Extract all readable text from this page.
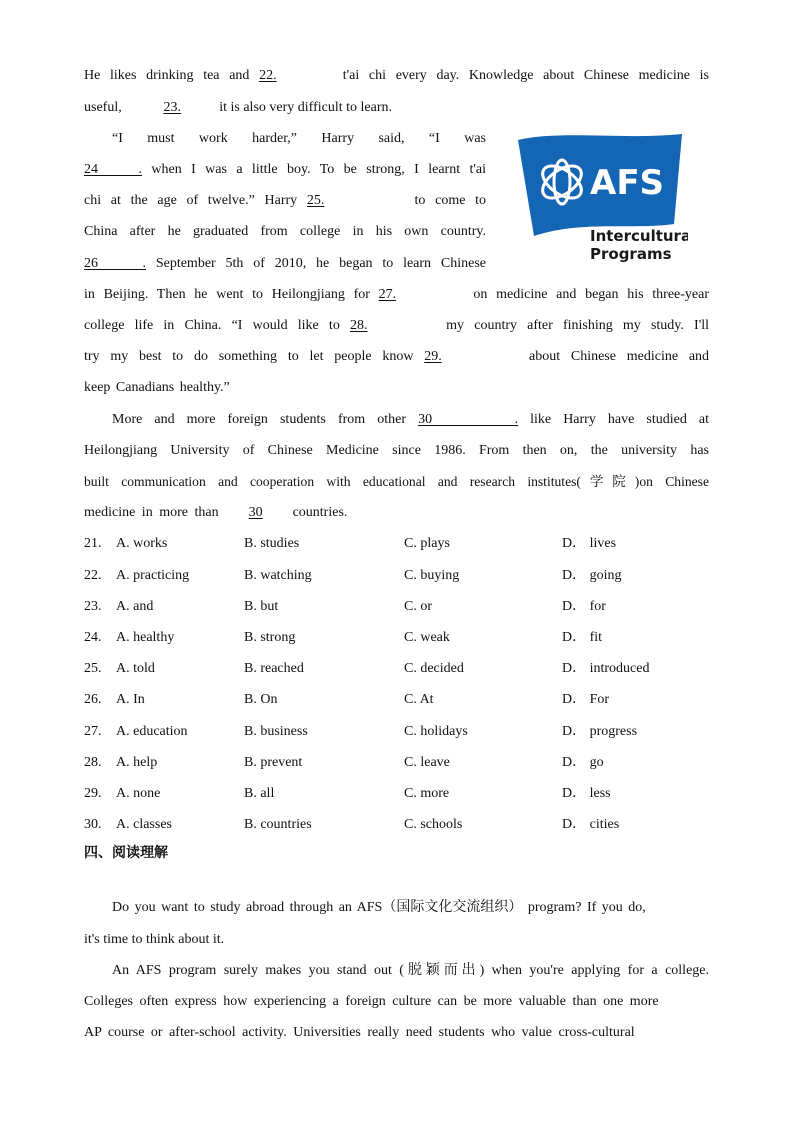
He likes drinking tea and 22.	t'ai chi every day. Knowledge about Chinese medicine is
useful,	23.	it is also very difficult to learn.
“I must work harder,” Harry said, “I was
24 . when I was a little boy. To be strong, I learnt t'ai
chi at the age of twelve.” Harry 25.	to come to
China after he graduated from college in his own country.
26 . September 5th of 2010, he began to learn Chinese
in Beijing. Then he went to Heilongjiang for 27.	on medicine and began his three-year
college life in China. “I would like to 28.	my country after finishing my study. I'll
try my best to do something to let people know 29.	about Chinese medicine and
keep Canadians healthy.”
More and more foreign students from other 30 . like Harry have studied at
Heilongjiang University of Chinese Medicine since 1986. From then on, the university has
built communication and cooperation with educational and research institutes(学院)on Chinese
medicine in more than 30 countries.
AFS
Intercultural
Programs
21. A. works	B. studies	C. plays	D． lives
22. A. practicing	B. watching	C. buying	D． going
23. A. and	B. but	C. or	D． for
24. A. healthy	B. strong	C. weak	D． fit
25. A. told	B. reached	C. decided	D． introduced
26. A. In	B. On	C. At	D． For
27. A. education	B. business	C. holidays	D． progress
28. A. help	B. prevent	C. leave	D． go
29. A. none	B. all	C. more	D． less
30. A. classes	B. countries	C. schools	D． cities
四、阅读理解
Do you want to study abroad through an AFS（国际文化交流组织） program? If you do,
it's time to think about it.
An AFS program surely makes you stand out (脱颖而出) when you're applying for a college.
Colleges often express how experiencing a foreign culture can be more valuable than one more
AP course or after-school activity. Universities really need students who value cross-cultural
